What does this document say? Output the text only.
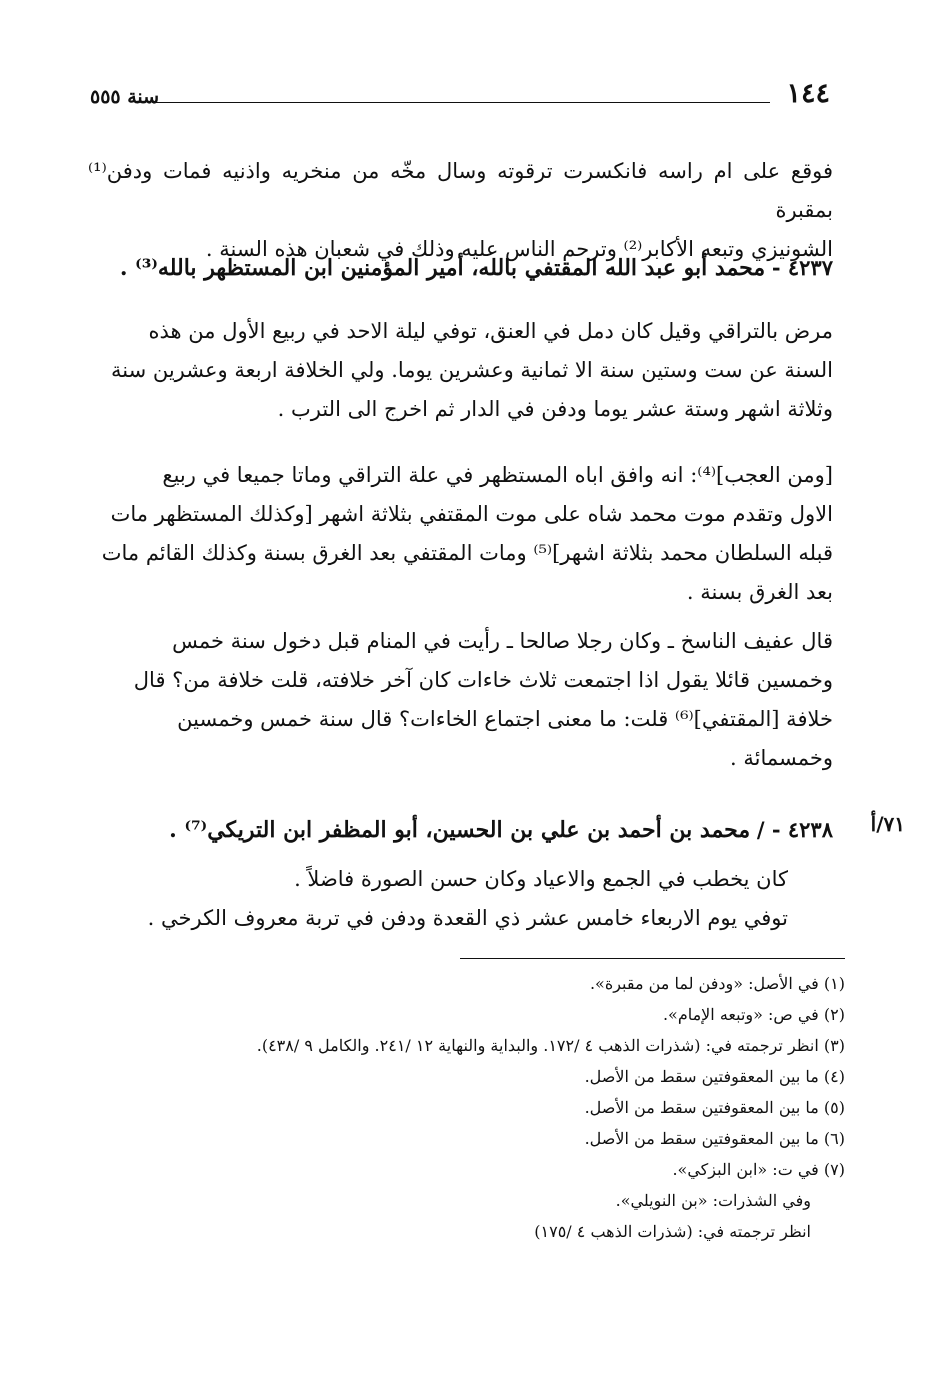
١٤٤
سنة ٥٥٥

فوقع على ام راسه فانكسرت ترقوته وسال مخّه من منخريه واذنيه فمات ودفن⁽¹⁾ بمقبرة

الشونيزي وتبعه الأكابر⁽²⁾ وترحم الناس عليه وذلك في شعبان هذه السنة .

٤٢٣٧ - محمد أبو عبد الله المقتفي بالله، أمير المؤمنين ابن المستظهر بالله⁽³⁾ .

مرض بالتراقي وقيل كان دمل في العنق، توفي ليلة الاحد في ربيع الأول من هذه

السنة عن ست وستين سنة الا ثمانية وعشرين يوما. ولي الخلافة اربعة وعشرين سنة

وثلاثة اشهر وستة عشر يوما ودفن في الدار ثم اخرج الى الترب .

[ومن العجب]⁽⁴⁾: انه وافق اباه المستظهر في علة التراقي وماتا جميعا في ربيع

الاول وتقدم موت محمد شاه على موت المقتفي بثلاثة اشهر [وكذلك المستظهر مات

قبله السلطان محمد بثلاثة اشهر]⁽⁵⁾ ومات المقتفي بعد الغرق بسنة وكذلك القائم مات

بعد الغرق بسنة .

قال عفيف الناسخ ـ وكان رجلا صالحا ـ رأيت في المنام قبل دخول سنة خمس

وخمسين قائلا يقول اذا اجتمعت ثلاث خاءات كان آخر خلافته، قلت خلافة من؟ قال

خلافة [المقتفي]⁽⁶⁾ قلت: ما معنى اجتماع الخاءات؟ قال سنة خمس وخمسين

وخمسمائة .

٧١/أ

٤٢٣٨ - / محمد بن أحمد بن علي بن الحسين، أبو المظفر ابن التريكي⁽⁷⁾ .

كان يخطب في الجمع والاعياد وكان حسن الصورة فاضلاً .

توفي يوم الاربعاء خامس عشر ذي القعدة ودفن في تربة معروف الكرخي .

(١) في الأصل: «ودفن لما من مقبرة».

(٢) في ص: «وتبعه الإمام».

(٣) انظر ترجمته في: (شذرات الذهب ٤ /١٧٢. والبداية والنهاية ١٢ /٢٤١. والكامل ٩ /٤٣٨).

(٤) ما بين المعقوفتين سقط من الأصل.

(٥) ما بين المعقوفتين سقط من الأصل.

(٦) ما بين المعقوفتين سقط من الأصل.

(٧) في ت: «ابن البزكي».

وفي الشذرات: «بن النويلي».

انظر ترجمته في: (شذرات الذهب ٤ /١٧٥)
